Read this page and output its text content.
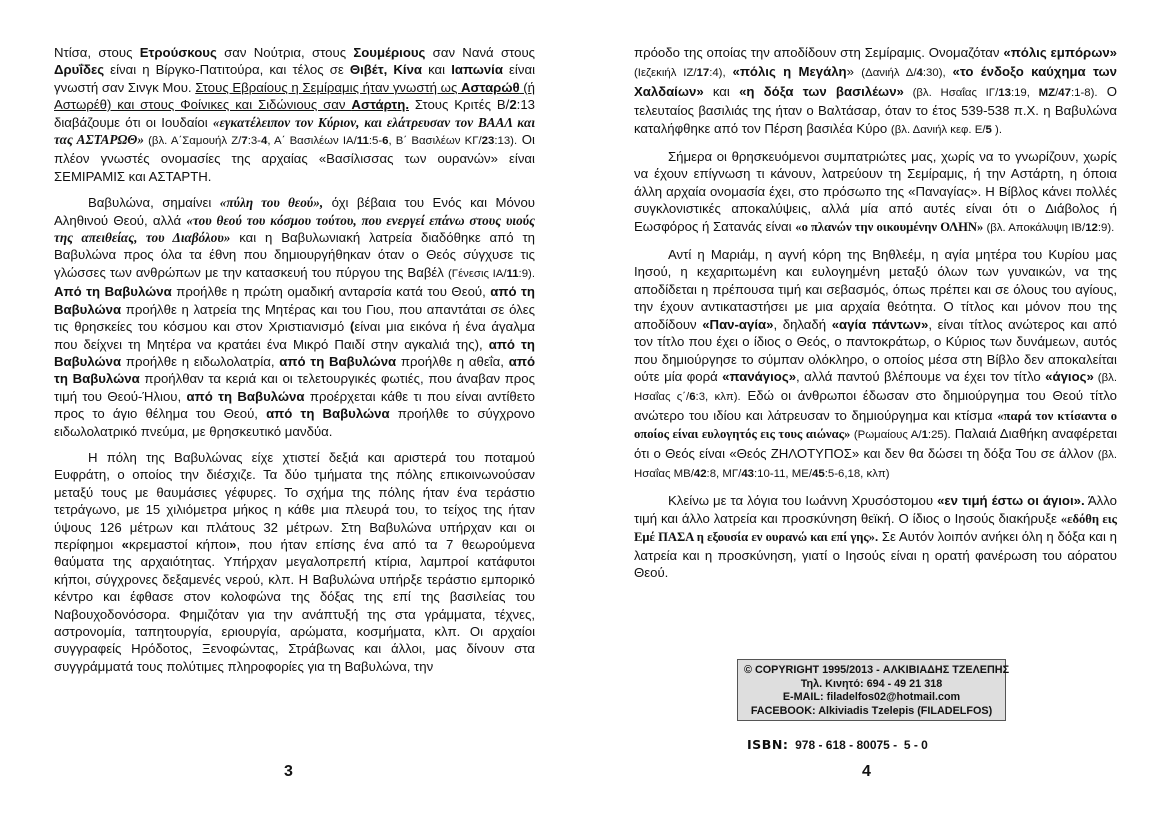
Ντίσα, στους Ετρούσκους σαν Νούτρια, στους Σουμέριους σαν Νανά στους Δρυΐδες είναι η Βίργκο-Πατιτούρα, και τέλος σε Θιβέτ, Κίνα και Ιαπωνία είναι γνωστή σαν Σινγκ Μου. Στους Εβραίους η Σεμίραμις ήταν γνωστή ως Ασταρώθ (ή Αστωρέθ) και στους Φοίνικες και Σιδώνιους σαν Αστάρτη. Στους Κριτές Β/2:13 διαβάζουμε ότι οι Ιουδαίοι «εγκατέλειπον τον Κύριον, και ελάτρευσαν τον ΒΑΑΛ και τας ΑΣΤΑΡΩΘ» (βλ. Α΄Σαμουήλ Ζ/7:3-4, Α΄ Βασιλέων ΙΑ/11:5-6, Β΄ Βασιλέων ΚΓ/23:13). Οι πλέον γνωστές ονομασίες της αρχαίας «Βασίλισσας των ουρανών» είναι ΣΕΜΙΡΑΜΙΣ και ΑΣΤΑΡΤΗ.

Βαβυλώνα, σημαίνει «πύλη του θεού», όχι βέβαια του Ενός και Μόνου Αληθινού Θεού, αλλά «του θεού του κόσμου τούτου, που ενεργεί επάνω στους υιούς της απειθείας, του Διαβόλου» και η Βαβυλωνιακή λατρεία διαδόθηκε από τη Βαβυλώνα προς όλα τα έθνη που δημιουργήθηκαν όταν ο Θεός σύγχυσε τις γλώσσες των ανθρώπων με την κατασκευή του πύργου της Βαβέλ (Γένεσις ΙΑ/11:9). Από τη Βαβυλώνα προήλθε η πρώτη ομαδική ανταρσία κατά του Θεού, από τη Βαβυλώνα προήλθε η λατρεία της Μητέρας και του Γιου, που απαντάται σε όλες τις θρησκείες του κόσμου και στον Χριστιανισμό (είναι μια εικόνα ή ένα άγαλμα που δείχνει τη Μητέρα να κρατάει ένα Μικρό Παιδί στην αγκαλιά της), από τη Βαβυλώνα προήλθε η ειδωλολατρία, από τη Βαβυλώνα προήλθε η αθεΐα, από τη Βαβυλώνα προήλθαν τα κεριά και οι τελετουργικές φωτιές, που άναβαν προς τιμή του Θεού-Ήλιου, από τη Βαβυλώνα προέρχεται κάθε τι που είναι αντίθετο προς το άγιο θέλημα του Θεού, από τη Βαβυλώνα προήλθε το σύγχρονο ειδωλολατρικό πνεύμα, με θρησκευτικό μανδύα.

Η πόλη της Βαβυλώνας είχε χτιστεί δεξιά και αριστερά του ποταμού Ευφράτη, ο οποίος την διέσχιζε. Τα δύο τμήματα της πόλης επικοινωνούσαν μεταξύ τους με θαυμάσιες γέφυρες. Το σχήμα της πόλης ήταν ένα τεράστιο τετράγωνο, με 15 χιλιόμετρα μήκος η κάθε μια πλευρά του, το τείχος της ήταν ύψους 126 μέτρων και πλάτους 32 μέτρων. Στη Βαβυλώνα υπήρχαν και οι περίφημοι «κρεμαστοί κήποι», που ήταν επίσης ένα από τα 7 θεωρούμενα θαύματα της αρχαιότητας. Υπήρχαν μεγαλοπρεπή κτίρια, λαμπροί κατάφυτοι κήποι, σύγχρονες δεξαμενές νερού, κλπ. Η Βαβυλώνα υπήρξε τεράστιο εμπορικό κέντρο και έφθασε στον κολοφώνα της δόξας της επί της βασιλείας του Ναβουχοδονόσορα. Φημιζόταν για την ανάπτυξή της στα γράμματα, τέχνες, αστρονομία, ταπητουργία, εριουργία, αρώματα, κοσμήματα, κλπ. Οι αρχαίοι συγγραφείς Ηρόδοτος, Ξενοφώντας, Στράβωνας και άλλοι, μας δίνουν στα συγγράμματά τους πολύτιμες πληροφορίες για τη Βαβυλώνα, την

3

πρόοδο της οποίας την αποδίδουν στη Σεμίραμις. Ονομαζόταν «πόλις εμπόρων» (Ιεζεκιήλ ΙΖ/17:4), «πόλις η Μεγάλη» (Δανιήλ Δ/4:30), «το ένδοξο καύχημα των Χαλδαίων» και «η δόξα των βασιλέων» (βλ. Ησαΐας ΙΓ/13:19, ΜΖ/47:1-8). Ο τελευταίος βασιλιάς της ήταν ο Βαλτάσαρ, όταν το έτος 539-538 π.Χ. η Βαβυλώνα καταλήφθηκε από τον Πέρση βασιλέα Κύρο (βλ. Δανιήλ κεφ. Ε/5 ).

Σήμερα οι θρησκευόμενοι συμπατριώτες μας, χωρίς να το γνωρίζουν, χωρίς να έχουν επίγνωση τι κάνουν, λατρεύουν τη Σεμίραμις, ή την Αστάρτη, η όποια άλλη αρχαία ονομασία έχει, στο πρόσωπο της «Παναγίας». Η Βίβλος κάνει πολλές συγκλονιστικές αποκαλύψεις, αλλά μία από αυτές είναι ότι ο Διάβολος ή Εωσφόρος ή Σατανάς είναι «ο πλανών την οικουμένην ΟΛΗΝ» (βλ. Αποκάλυψη ΙΒ/12:9).

Αντί η Μαριάμ, η αγνή κόρη της Βηθλεέμ, η αγία μητέρα του Κυρίου μας Ιησού, η κεχαριτωμένη και ευλογημένη μεταξύ όλων των γυναικών, να της αποδίδεται η πρέπουσα τιμή και σεβασμός, όπως πρέπει και σε όλους του αγίους, την έχουν αντικαταστήσει με μια αρχαία θεότητα. Ο τίτλος και μόνον που της αποδίδουν «Παν-αγία», δηλαδή «αγία πάντων», είναι τίτλος ανώτερος και από τον τίτλο που έχει ο ίδιος ο Θεός, ο παντοκράτωρ, ο Κύριος των δυνάμεων, αυτός που δημιούργησε το σύμπαν ολόκληρο, ο οποίος μέσα στη Βίβλο δεν αποκαλείται ούτε μία φορά «πανάγιος», αλλά παντού βλέπουμε να έχει τον τίτλο «άγιος» (βλ. Ησαΐας ς΄/6:3, κλπ). Εδώ οι άνθρωποι έδωσαν στο δημιούργημα του Θεού τίτλο ανώτερο του ιδίου και λάτρευσαν το δημιούργημα και κτίσμα «παρά τον κτίσαντα ο οποίος είναι ευλογητός εις τους αιώνας» (Ρωμαίους Α/1:25). Παλαιά Διαθήκη αναφέρεται ότι ο Θεός είναι «Θεός ΖΗΛΟΤΥΠΟΣ» και δεν θα δώσει τη δόξα Του σε άλλον (βλ. Ησαΐας ΜΒ/42:8, ΜΓ/43:10-11, ΜΕ/45:5-6,18, κλπ)

Κλείνω με τα λόγια του Ιωάννη Χρυσόστομου «εν τιμή έστω οι άγιοι». Άλλο τιμή και άλλο λατρεία και προσκύνηση θεϊκή. Ο ίδιος ο Ιησούς διακήρυξε «εδόθη εις Εμέ ΠΑΣΑ η εξουσία εν ουρανώ και επί γης». Σε Αυτόν λοιπόν ανήκει όλη η δόξα και η λατρεία και η προσκύνηση, γιατί ο Ιησούς είναι η ορατή φανέρωση του αόρατου Θεού.

© COPYRIGHT 1995/2013 - ΑΛΚΙΒΙΑΔΗΣ ΤΖΕΛΕΠΗΣ
Τηλ. Κινητό: 694 - 49 21 318
E-MAIL: filadelfos02@hotmail.com
FACEBOOK: Alkiviadis Tzelepis (FILADELFOS)
ISBN:  978 - 618 - 80075 -  5 - 0
4
